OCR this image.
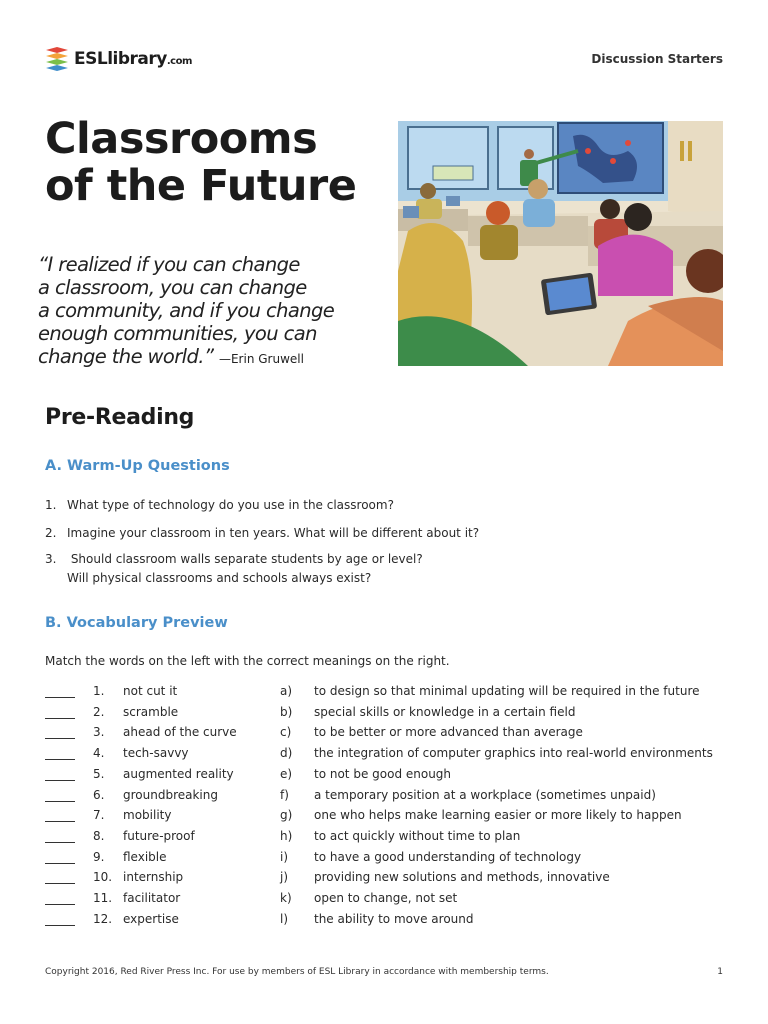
ESLlibrary.com	Discussion Starters
Classrooms
of the Future
“I realized if you can change
a classroom, you can change
a community, and if you change
enough communities, you can
change the world.” —Erin Gruwell
Pre-Reading
A. Warm-Up Questions
1. What type of technology do you use in the classroom?
2. Imagine your classroom in ten years. What will be different about it?
3. Should classroom walls separate students by age or level?
Will physical classrooms and schools always exist?
B. Vocabulary Preview
Match the words on the left with the correct meanings on the right.
1. not cut it	a) to design so that minimal updating will be required in the future
2. scramble	b) special skills or knowledge in a certain field
3. ahead of the curve	c) to be better or more advanced than average
4. tech-savvy	d) the integration of computer graphics into real-world environments
5. augmented reality	e) to not be good enough
6. groundbreaking	f) a temporary position at a workplace (sometimes unpaid)
7. mobility	g) one who helps make learning easier or more likely to happen
8. future-proof	h) to act quickly without time to plan
9. flexible	i) to have a good understanding of technology
10. internship	j) providing new solutions and methods, innovative
11. facilitator	k) open to change, not set
12. expertise	l) the ability to move around
Copyright 2016, Red River Press Inc. For use by members of ESL Library in accordance with membership terms.	1
